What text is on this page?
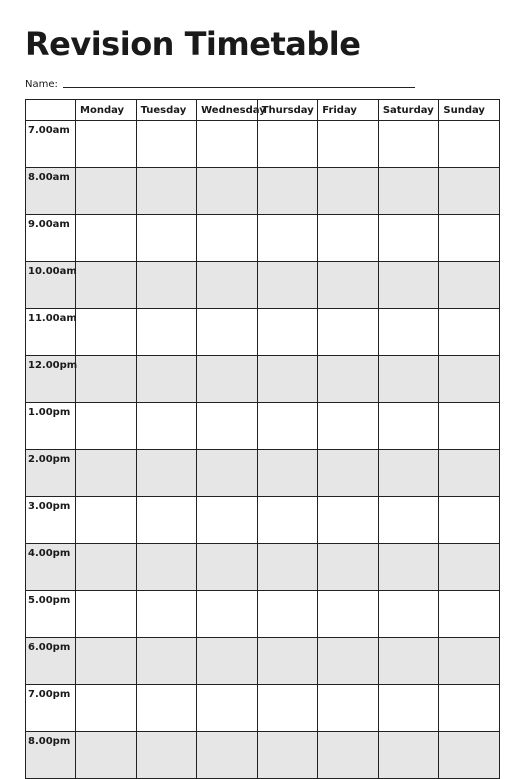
Revision Timetable
Name:
	Monday	Tuesday	Wednesday	Thursday	Friday	Saturday	Sunday
7.00am							
8.00am							
9.00am							
10.00am							
11.00am							
12.00pm							
1.00pm							
2.00pm							
3.00pm							
4.00pm							
5.00pm							
6.00pm							
7.00pm							
8.00pm							
